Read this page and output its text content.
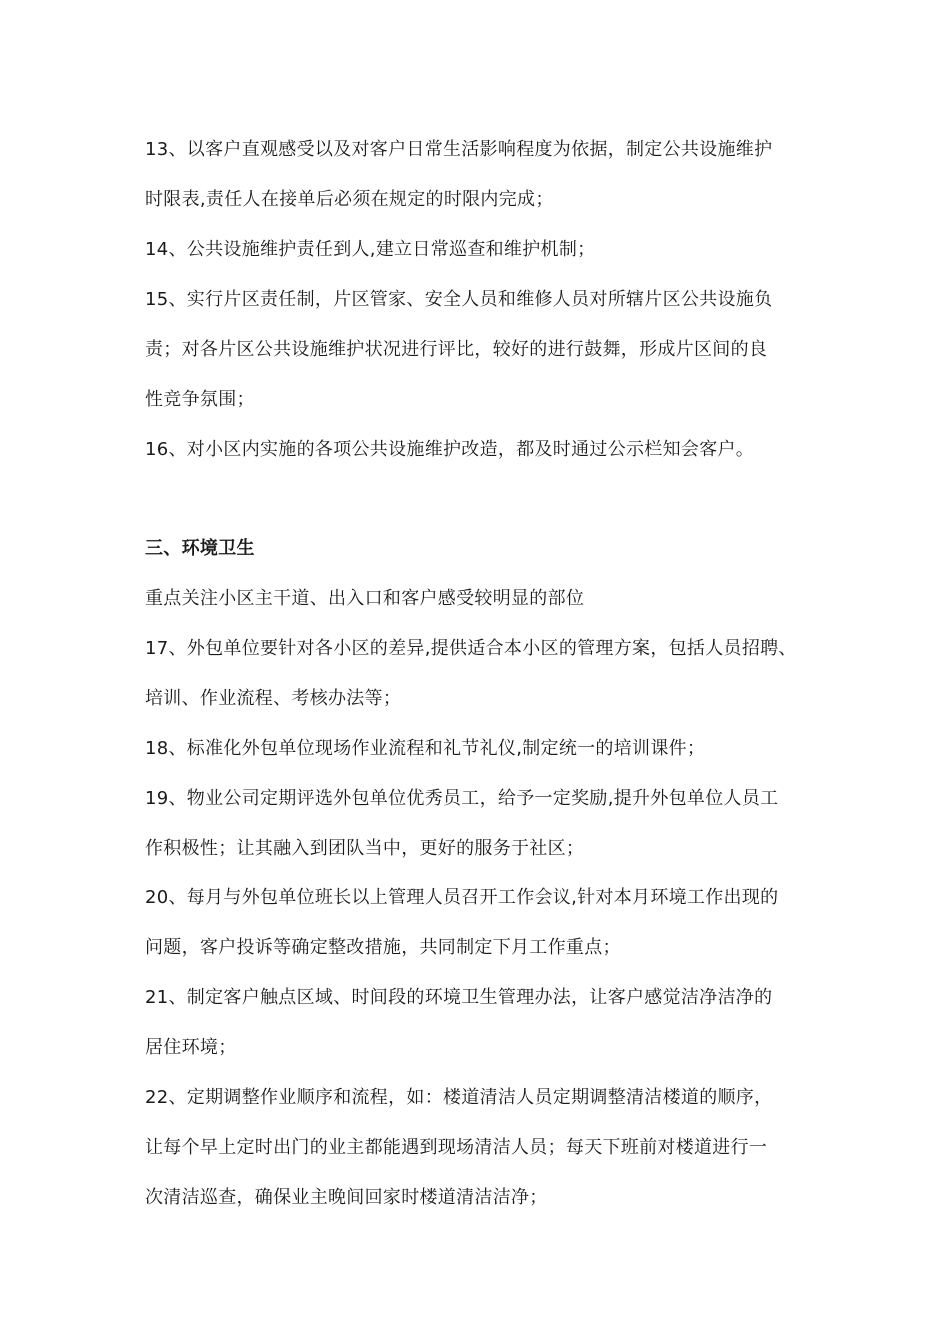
13、以客户直观感受以及对客户日常生活影响程度为依据，制定公共设施维护
时限表,责任人在接单后必须在规定的时限内完成；
14、公共设施维护责任到人,建立日常巡查和维护机制；
15、实行片区责任制，片区管家、安全人员和维修人员对所辖片区公共设施负
责；对各片区公共设施维护状况进行评比，较好的进行鼓舞，形成片区间的良
性竞争氛围；
16、对小区内实施的各项公共设施维护改造，都及时通过公示栏知会客户。
三、环境卫生
重点关注小区主干道、出入口和客户感受较明显的部位
17、外包单位要针对各小区的差异,提供适合本小区的管理方案，包括人员招聘、
培训、作业流程、考核办法等；
18、标准化外包单位现场作业流程和礼节礼仪,制定统一的培训课件；
19、物业公司定期评选外包单位优秀员工，给予一定奖励,提升外包单位人员工
作积极性；让其融入到团队当中，更好的服务于社区；
20、每月与外包单位班长以上管理人员召开工作会议,针对本月环境工作出现的
问题，客户投诉等确定整改措施，共同制定下月工作重点；
21、制定客户触点区域、时间段的环境卫生管理办法，让客户感觉洁净洁净的
居住环境；
22、定期调整作业顺序和流程，如：楼道清洁人员定期调整清洁楼道的顺序，
让每个早上定时出门的业主都能遇到现场清洁人员；每天下班前对楼道进行一
次清洁巡查，确保业主晚间回家时楼道清洁洁净；
